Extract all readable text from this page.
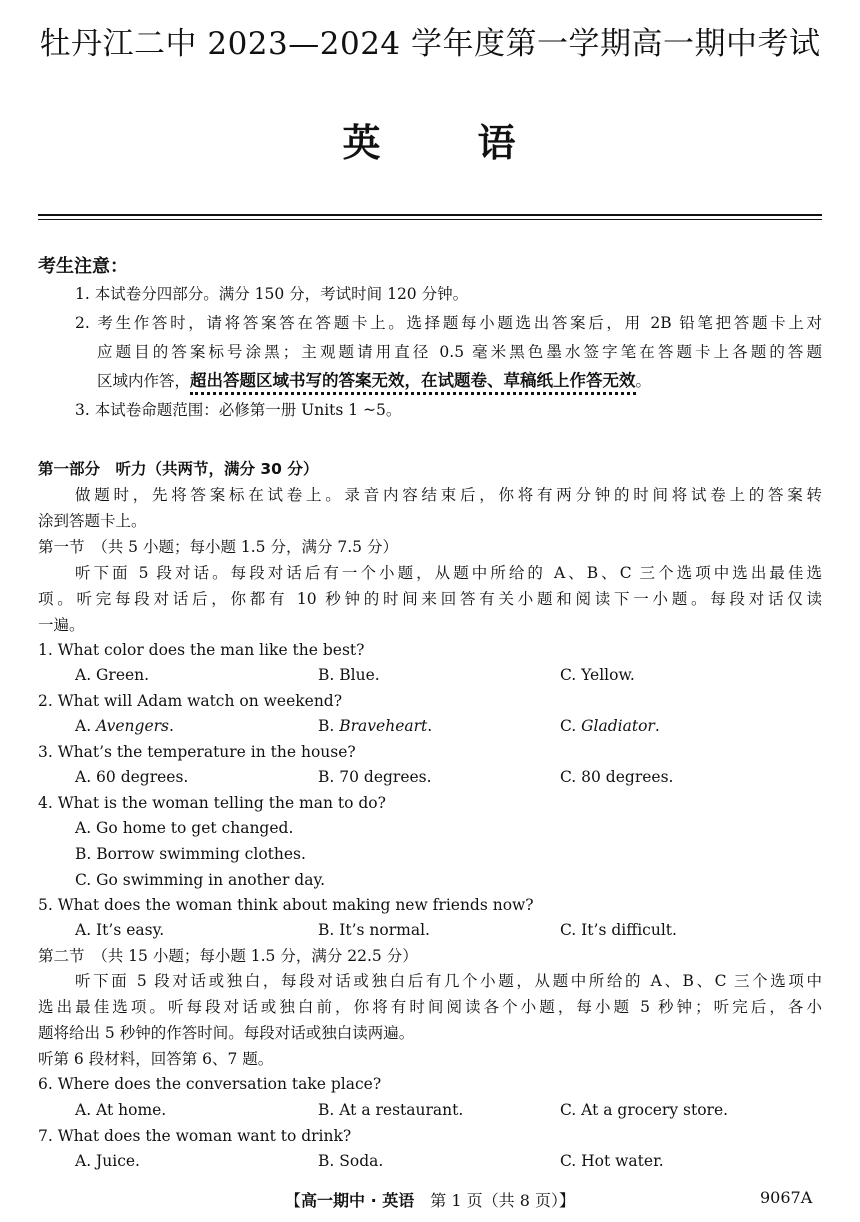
牡丹江二中 2023—2024 学年度第一学期高一期中考试
英	语
考生注意：
1. 本试卷分四部分。满分 150 分，考试时间 120 分钟。
2. 考生作答时，请将答案答在答题卡上。选择题每小题选出答案后，用 2B 铅笔把答题卡上对
应题目的答案标号涂黑；主观题请用直径 0.5 毫米黑色墨水签字笔在答题卡上各题的答题
区域内作答，超出答题区域书写的答案无效，在试题卷、草稿纸上作答无效。
3. 本试卷命题范围：必修第一册 Units 1 ~5。
第一部分　听力（共两节，满分 30 分）
做题时，先将答案标在试卷上。录音内容结束后，你将有两分钟的时间将试卷上的答案转
涂到答题卡上。
第一节　（共 5 小题；每小题 1.5 分，满分 7.5 分）
听下面 5 段对话。每段对话后有一个小题，从题中所给的 A、B、C 三个选项中选出最佳选
项。听完每段对话后，你都有 10 秒钟的时间来回答有关小题和阅读下一小题。每段对话仅读
一遍。
1. What color does the man like the best?
A. Green.	B. Blue.	C. Yellow.
2. What will Adam watch on weekend?
A. Avengers.	B. Braveheart.	C. Gladiator.
3. What’s the temperature in the house?
A. 60 degrees.	B. 70 degrees.	C. 80 degrees.
4. What is the woman telling the man to do?
A. Go home to get changed.
B. Borrow swimming clothes.
C. Go swimming in another day.
5. What does the woman think about making new friends now?
A. It’s easy.	B. It’s normal.	C. It’s difficult.
第二节　（共 15 小题；每小题 1.5 分，满分 22.5 分）
听下面 5 段对话或独白，每段对话或独白后有几个小题，从题中所给的 A、B、C 三个选项中
选出最佳选项。听每段对话或独白前，你将有时间阅读各个小题，每小题 5 秒钟；听完后，各小
题将给出 5 秒钟的作答时间。每段对话或独白读两遍。
听第 6 段材料，回答第 6、7 题。
6. Where does the conversation take place?
A. At home.	B. At a restaurant.	C. At a grocery store.
7. What does the woman want to drink?
A. Juice.	B. Soda.	C. Hot water.
【高一期中 · 英语　第 1 页（共 8 页）】	9067A
